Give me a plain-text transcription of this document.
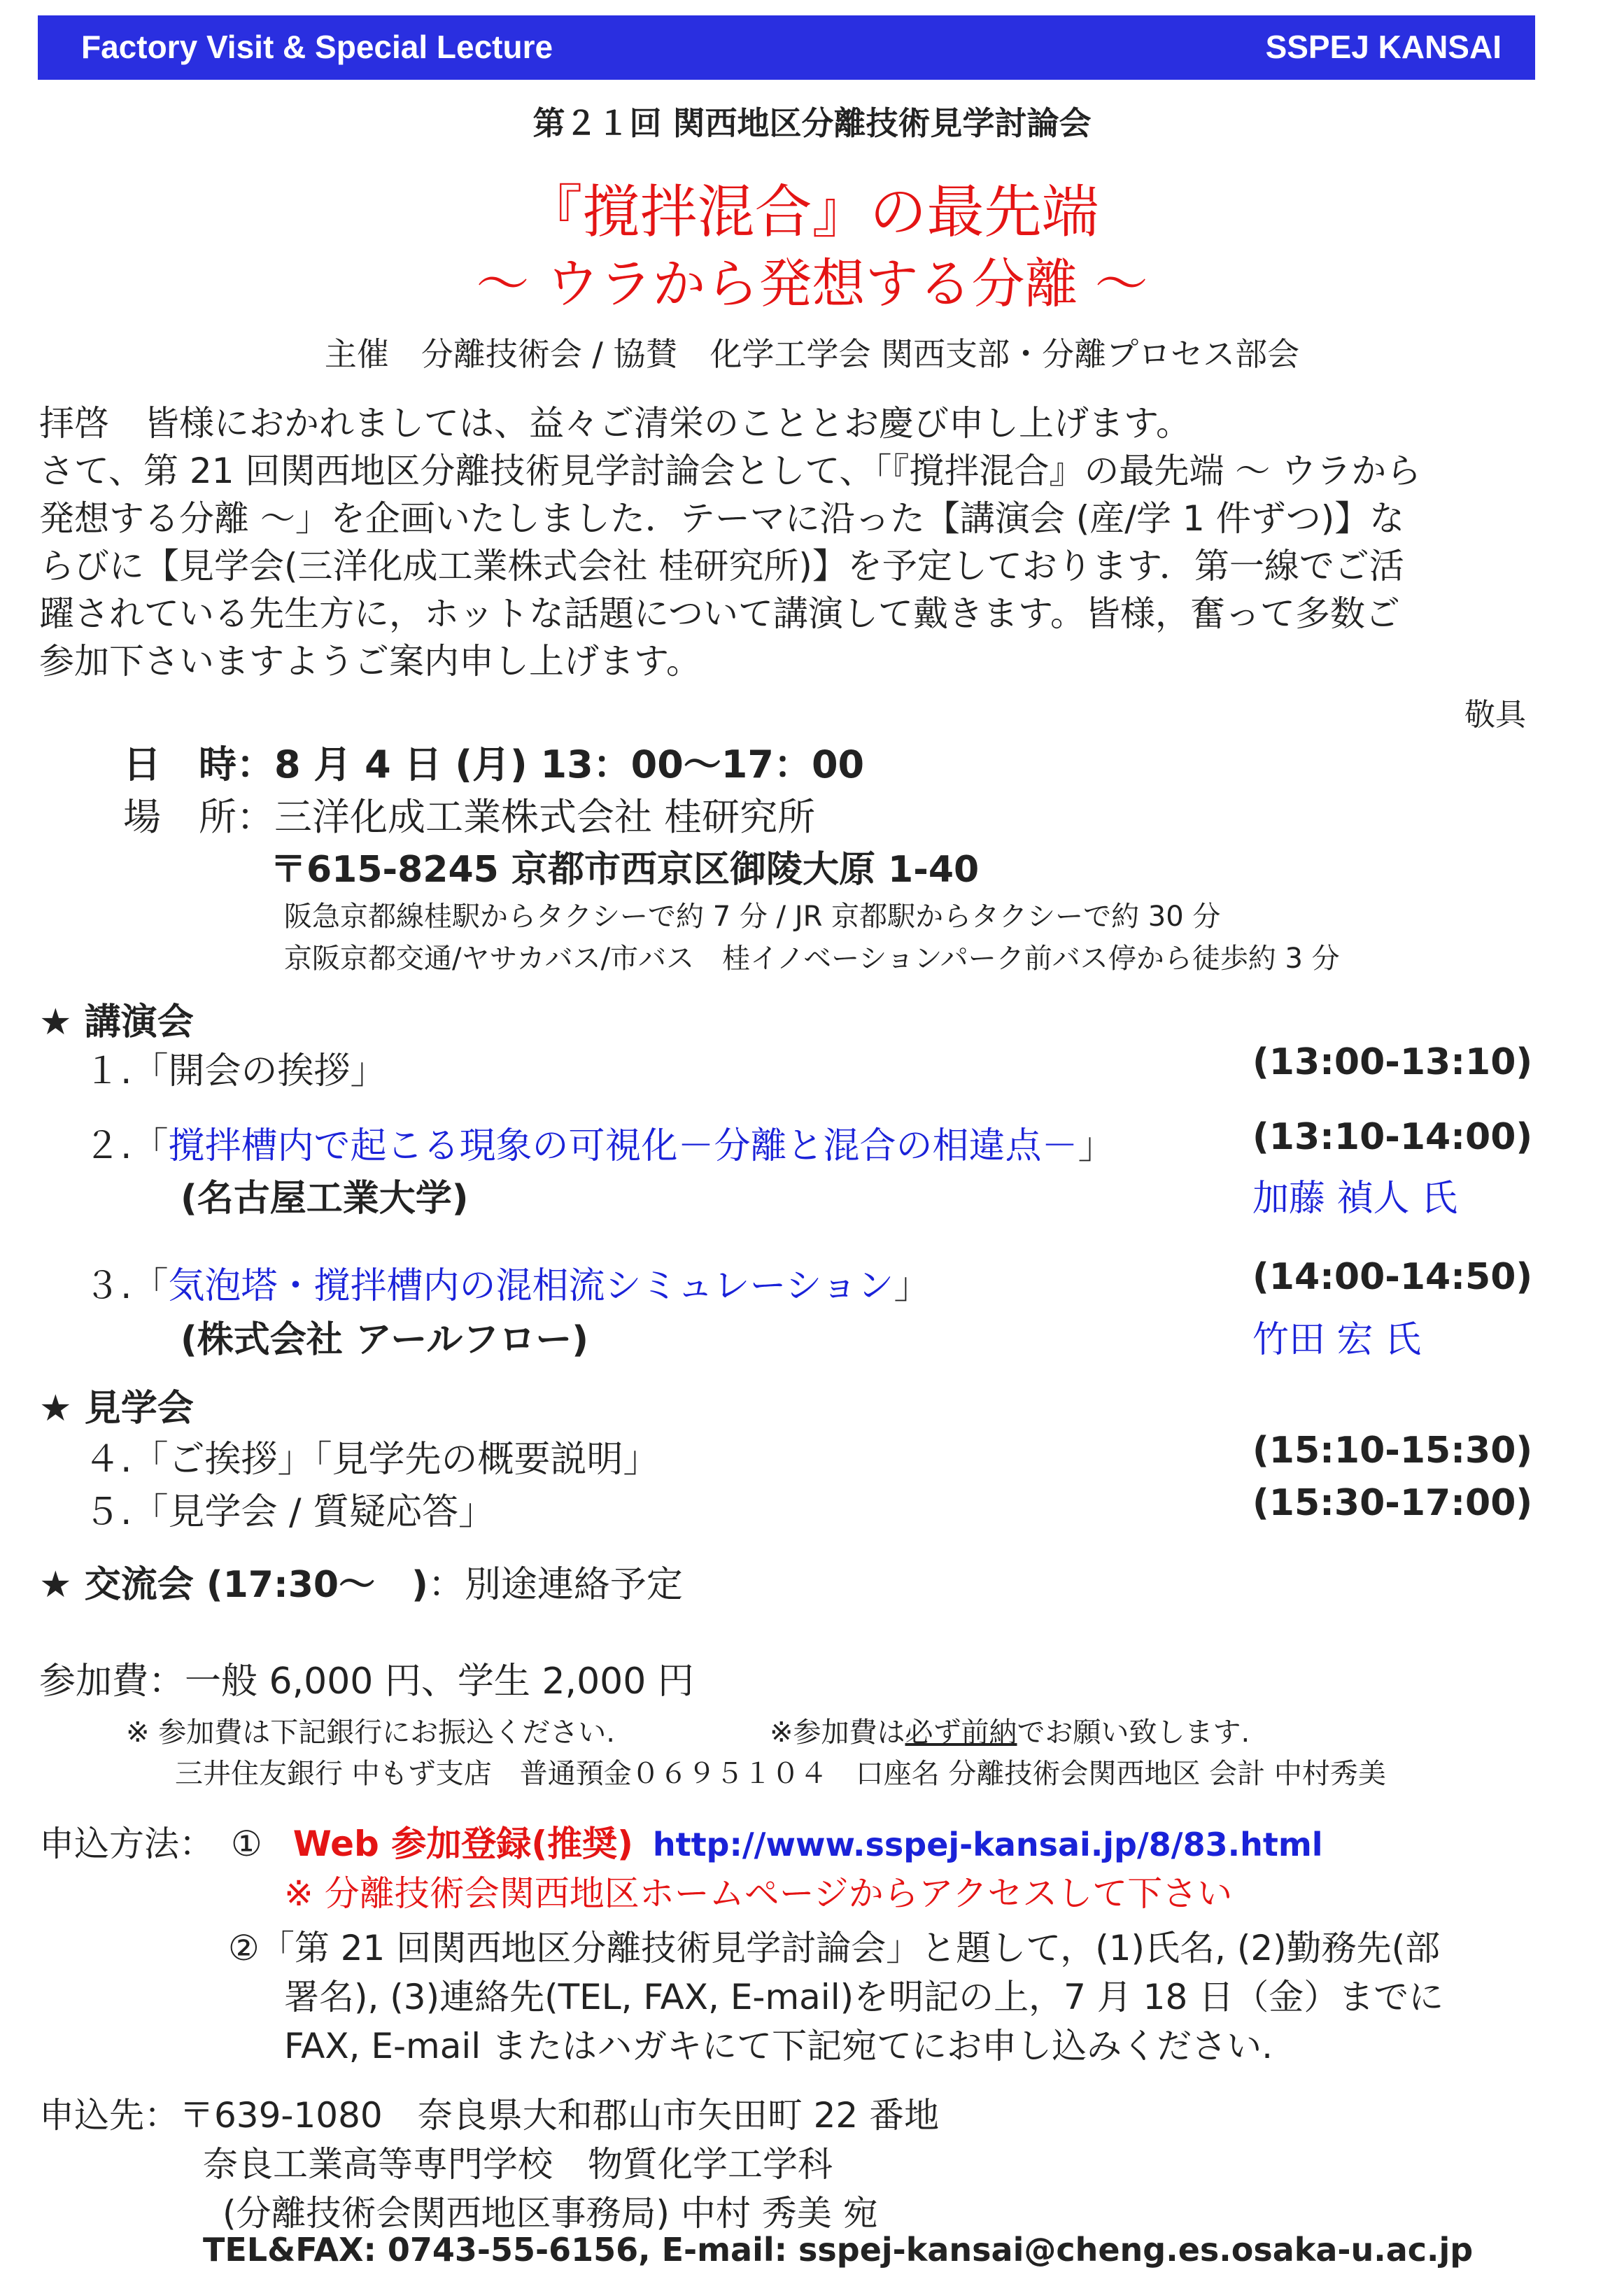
Factory Visit & Special Lecture	SSPEJ KANSAI
第２１回 関西地区分離技術見学討論会
『撹拌混合』の最先端
～ ウラから発想する分離 ～
主催　分離技術会 / 協賛　化学工学会 関西支部・分離プロセス部会
拝啓　皆様におかれましては、益々ご清栄のこととお慶び申し上げます。
さて、第 21 回関西地区分離技術見学討論会として、「『撹拌混合』の最先端 ～ ウラから
発想する分離 ～」を企画いたしました．テーマに沿った【講演会 (産/学 1 件ずつ)】な
らびに【見学会(三洋化成工業株式会社 桂研究所)】を予定しております．第一線でご活
躍されている先生方に，ホットな話題について講演して戴きます。皆様，奮って多数ご
参加下さいますようご案内申し上げます。
敬具
日　時：8 月 4 日 (月) 13：00～17：00
場　所：三洋化成工業株式会社 桂研究所
〒615-8245 京都市西京区御陵大原 1-40
阪急京都線桂駅からタクシーで約 7 分 / JR 京都駅からタクシーで約 30 分
京阪京都交通/ヤサカバス/市バス　桂イノベーションパーク前バス停から徒歩約 3 分
★ 講演会
１.「開会の挨拶」	(13:00-13:10)
２.「撹拌槽内で起こる現象の可視化－分離と混合の相違点－」	(13:10-14:00)
(名古屋工業大学)	加藤 禎人 氏
３.「気泡塔・撹拌槽内の混相流シミュレーション」	(14:00-14:50)
(株式会社 アールフロー)	竹田 宏 氏
★ 見学会
４.「ご挨拶」「見学先の概要説明」	(15:10-15:30)
５.「見学会 / 質疑応答」	(15:30-17:00)
★ 交流会 (17:30～　)：別途連絡予定
参加費：一般 6,000 円、学生 2,000 円
※ 参加費は下記銀行にお振込ください.	※参加費は必ず前納でお願い致します.
三井住友銀行 中もず支店　普通預金０６９５１０４　口座名 分離技術会関西地区 会計 中村秀美
申込方法： ① Web 参加登録(推奨) http://www.sspej-kansai.jp/8/83.html
※ 分離技術会関西地区ホームページからアクセスして下さい
②「第 21 回関西地区分離技術見学討論会」と題して，(1)氏名, (2)勤務先(部
署名), (3)連絡先(TEL, FAX, E-mail)を明記の上，7 月 18 日（金）までに
FAX, E-mail またはハガキにて下記宛てにお申し込みください.
申込先：〒639-1080　奈良県大和郡山市矢田町 22 番地
奈良工業高等専門学校　物質化学工学科
(分離技術会関西地区事務局) 中村 秀美 宛
TEL&FAX: 0743-55-6156, E-mail: sspej-kansai@cheng.es.osaka-u.ac.jp
